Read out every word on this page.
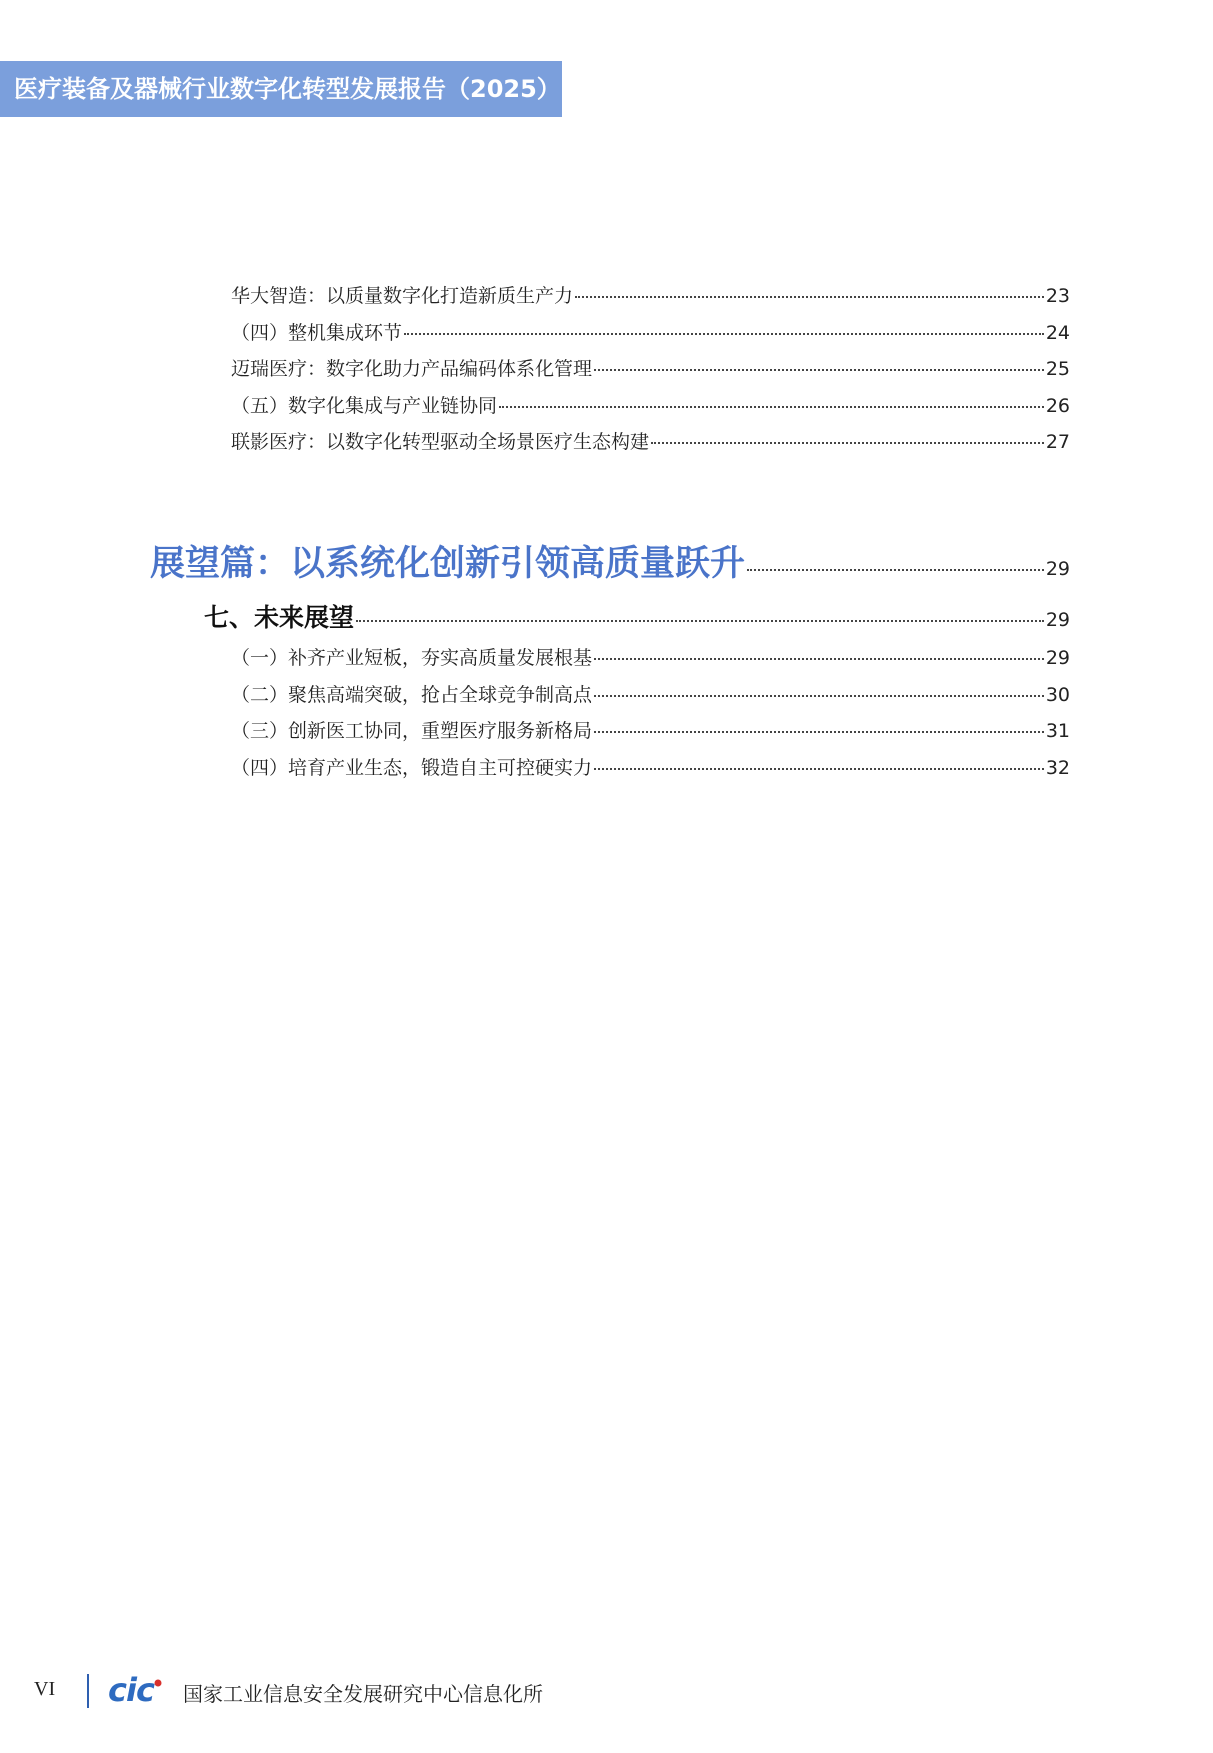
医疗装备及器械行业数字化转型发展报告（2025）
华大智造：以质量数字化打造新质生产力	23
（四）整机集成环节	24
迈瑞医疗：数字化助力产品编码体系化管理	25
（五）数字化集成与产业链协同	26
联影医疗：以数字化转型驱动全场景医疗生态构建	27
展望篇：以系统化创新引领高质量跃升	29
七、未来展望	29
（一）补齐产业短板，夯实高质量发展根基	29
（二）聚焦高端突破，抢占全球竞争制高点	30
（三）创新医工协同，重塑医疗服务新格局	31
（四）培育产业生态，锻造自主可控硬实力	32
VI cic 国家工业信息安全发展研究中心信息化所
